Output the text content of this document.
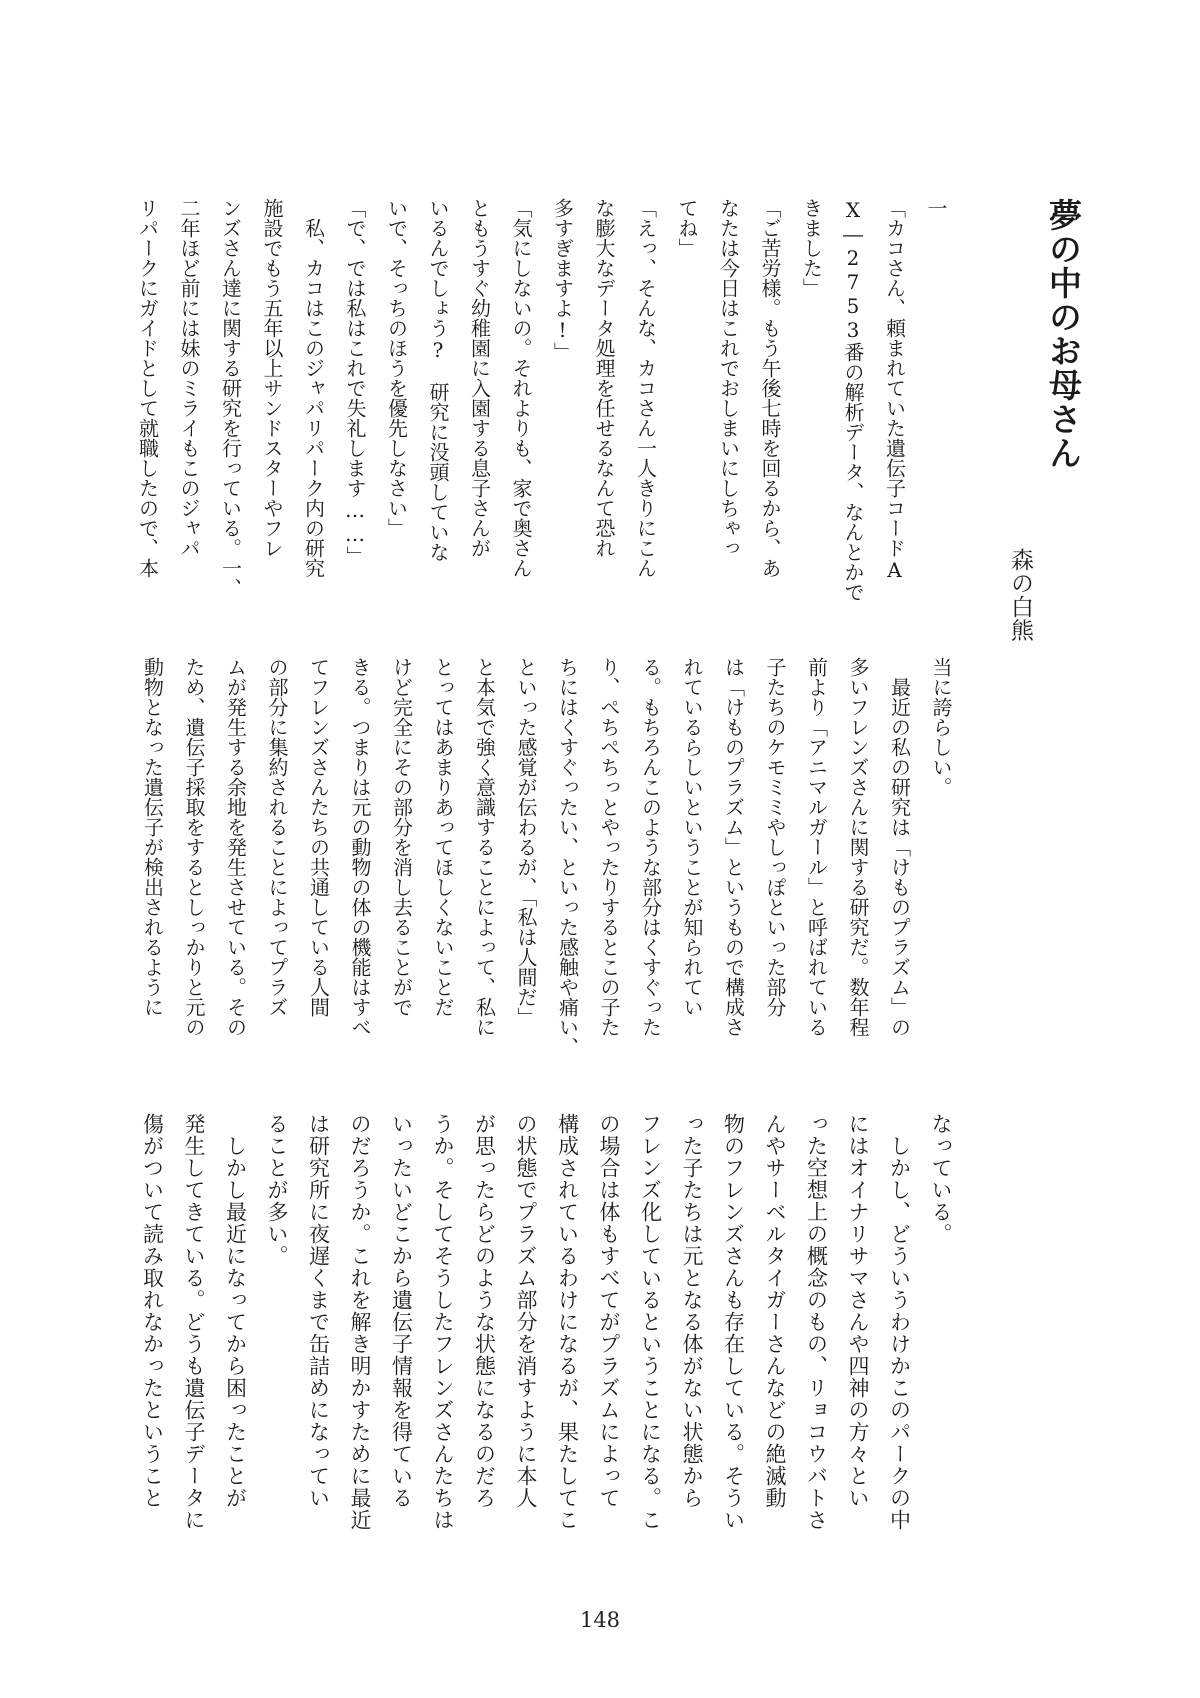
夢の中のお母さん
森の白熊
一
「カコさん、頼まれていた遺伝子コードA
X―2753番の解析データ、なんとかで
きました」
「ご苦労様。もう午後七時を回るから、あ
なたは今日はこれでおしまいにしちゃっ
てね」
「えっ、そんな、カコさん一人きりにこん
な膨大なデータ処理を任せるなんて恐れ
多すぎますよ!」
「気にしないの。それよりも、家で奥さん
ともうすぐ幼稚園に入園する息子さんが
いるんでしょう?　研究に没頭していな
いで、そっちのほうを優先しなさい」
「で、では私はこれで失礼します……」
　私、カコはこのジャパリパーク内の研究
施設でもう五年以上サンドスターやフレ
ンズさん達に関する研究を行っている。一、
二年ほど前には妹のミライもこのジャパ
リパークにガイドとして就職したので、本
当に誇らしい。
　最近の私の研究は「けものプラズム」の
多いフレンズさんに関する研究だ。数年程
前より「アニマルガール」と呼ばれている
子たちのケモミミやしっぽといった部分
は「けものプラズム」というもので構成さ
れているらしいということが知られてい
る。もちろんこのような部分はくすぐった
り、ぺちぺちっとやったりするとこの子た
ちにはくすぐったい、といった感触や痛い、
といった感覚が伝わるが、「私は人間だ」
と本気で強く意識することによって、私に
とってはあまりあってほしくないことだ
けど完全にその部分を消し去ることがで
きる。つまりは元の動物の体の機能はすべ
てフレンズさんたちの共通している人間
の部分に集約されることによってプラズ
ムが発生する余地を発生させている。その
ため、遺伝子採取をするとしっかりと元の
動物となった遺伝子が検出されるように
なっている。
　しかし、どういうわけかこのパークの中
にはオイナリサマさんや四神の方々とい
った空想上の概念のもの、リョコウバトさ
んやサーベルタイガーさんなどの絶滅動
物のフレンズさんも存在している。そうい
った子たちは元となる体がない状態から
フレンズ化しているということになる。こ
の場合は体もすべてがプラズムによって
構成されているわけになるが、果たしてこ
の状態でプラズム部分を消すように本人
が思ったらどのような状態になるのだろ
うか。そしてそうしたフレンズさんたちは
いったいどこから遺伝子情報を得ている
のだろうか。これを解き明かすために最近
は研究所に夜遅くまで缶詰めになってい
ることが多い。
　しかし最近になってから困ったことが
発生してきている。どうも遺伝子データに
傷がついて読み取れなかったということ
148
